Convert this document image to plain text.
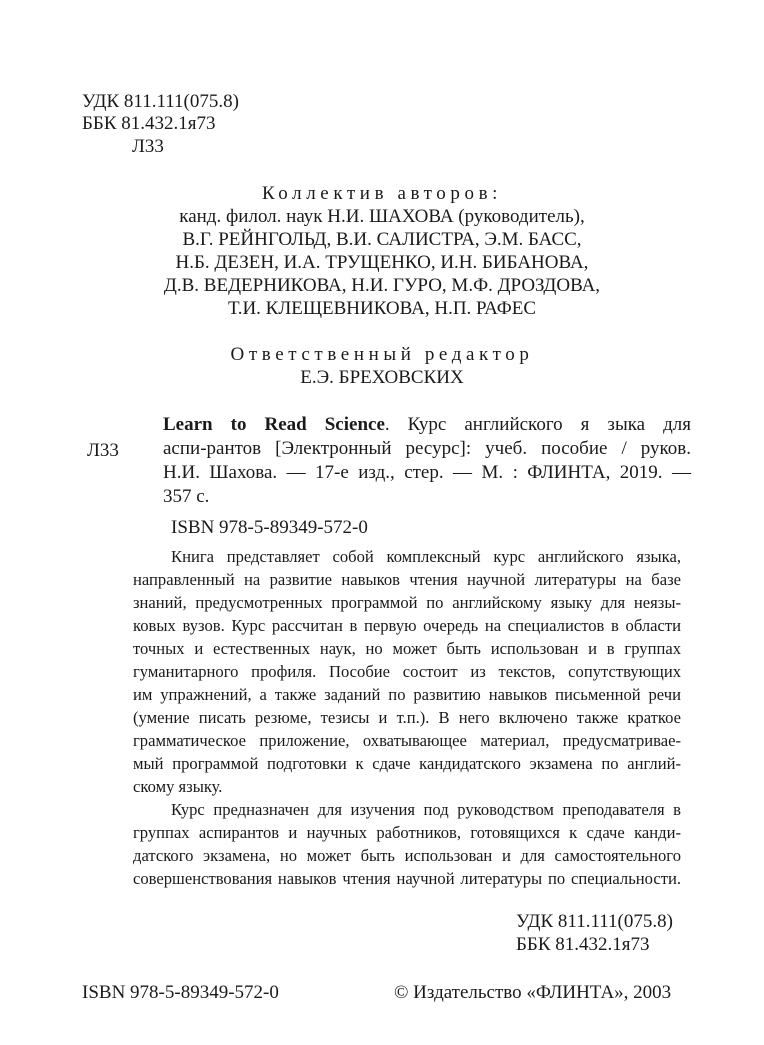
УДК 811.111(075.8)
ББК 81.432.1я73
Л33
Коллектив авторов:
канд. филол. наук Н.И. ШАХОВА (руководитель),
В.Г. РЕЙНГОЛЬД, В.И. САЛИСТРА, Э.М. БАСС,
Н.Б. ДЕЗЕН, И.А. ТРУЩЕНКО, И.Н. БИБАНОВА,
Д.В. ВЕДЕРНИКОВА, Н.И. ГУРО, М.Ф. ДРОЗДОВА,
Т.И. КЛЕЩЕВНИКОВА, Н.П. РАФЕС
Ответственный редактор
Е.Э. БРЕХОВСКИХ
Л33
Learn to Read Science. Курс английского я зыка для
аспи-рантов [Электронный ресурс]: учеб. пособие / руков.
Н.И. Шахова. — 17-е изд., стер. — М. : ФЛИНТА, 2019. —
357 с.
ISBN 978-5-89349-572-0
Книга представляет собой комплексный курс английского языка,
направленный на развитие навыков чтения научной литературы на базе
знаний, предусмотренных программой по английскому языку для неязы-
ковых вузов. Курс рассчитан в первую очередь на специалистов в области
точных и естественных наук, но может быть использован и в группах
гуманитарного профиля. Пособие состоит из текстов, сопутствующих
им упражнений, а также заданий по развитию навыков письменной речи
(умение писать резюме, тезисы и т.п.). В него включено также краткое
грамматическое приложение, охватывающее материал, предусматривае-
мый программой подготовки к сдаче кандидатского экзамена по англий-
скому языку.
Курс предназначен для изучения под руководством преподавателя в
группах аспирантов и научных работников, готовящихся к сдаче канди-
датского экзамена, но может быть использован и для самостоятельного
совершенствования навыков чтения научной литературы по специальности.
УДК 811.111(075.8)
ББК 81.432.1я73
ISBN 978-5-89349-572-0	© Издательство «ФЛИНТА», 2003
